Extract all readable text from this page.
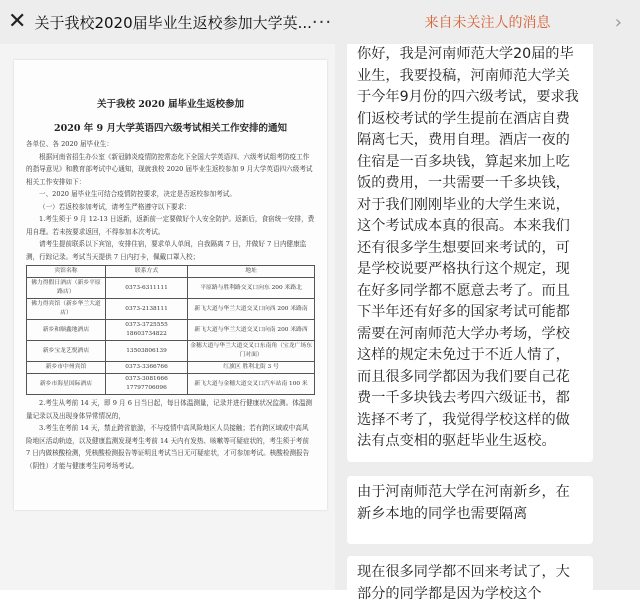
✕ 关于我校2020届毕业生返校参加大学英... ···
关于我校 2020 届毕业生返校参加
2020 年 9 月大学英语四六级考试相关工作安排的通知
各单位、各 2020 届毕业生：
根据河南省招生办公室《新冠肺炎疫情防控常态化下全国大学英语四、六级考试组考防疫工作的指导意见》和教育部考试中心通知，现就我校 2020 届毕业生返校参加 9 月大学英语四六级考试相关工作安排如下：
一、2020 届毕业生可结合疫情防控要求，决定是否返校参加考试。
（一）若返校参加考试，请考生严格遵守以下要求：
1.考生须于 9 月 12-13 日返新，返新前一定要做好个人安全防护。返新后，食宿统一安排，费用自理。若未按要求返回，不得参加本次考试。
请考生提前联系以下宾馆，安排住宿，要求单人单间，自我隔离 7 日，并做好 7 日内健康监测，行踪记录。考试当天提供 7 日内打卡，佩戴口罩入校；
宾馆名称	联系方式	地址
佛力得假日酒店（新乡平原路店）	0373-6311111	平原路与胜利路交叉口向东 200 米路北
佛力得宾馆（新乡华兰大道店）	0373-2138111	新飞大道与华兰大道交叉口向西 200 米路南
新乡和顺鑫地酒店	0373-3725555 18603734822	新飞大道与华兰大道交叉口向南 200 米路西
新乡宝龙艺悦酒店	13503806139	金穗大道与华兰大道交叉口东南角（宝龙广场东门对面）
新乡市中州宾馆	0373-3366766	红旗区 胜利北街 3 号
新乡市海星国际酒店	0373-3081666 17797706096	新飞大道与金穗大道交叉口汽车站南 100 米
2.考生从考前 14 天，即 9 月 6 日当日起，每日体温测量，记录并进行健康状况监测。体温测量记录以及出现身体异常情况的，
3.考生在考前 14 天，禁止跨省旅游，不与疫情中高风险地区人员接触；若有跨区域或中高风险地区活动轨迹，以及健康监测发现考生考前 14 天内有发热、咳嗽等可疑症状的，考生须于考前 7 日内做核酸检测，凭核酸检测报告等证明且考试当日无可疑症状，才可参加考试。核酸检测报告（阴性）才能与健康考生同考场考试。
来自未关注人的消息	›
你好，我是河南师范大学20届的毕业生，我要投稿，河南师范大学关于今年9月份的四六级考试，要求我们返校考试的学生提前在酒店自费隔离七天，费用自理。酒店一夜的住宿是一百多块钱，算起来加上吃饭的费用，一共需要一千多块钱，对于我们刚刚毕业的大学生来说，这个考试成本真的很高。本来我们还有很多学生想要回来考试的，可是学校说要严格执行这个规定，现在好多同学都不愿意去考了。而且下半年还有好多的国家考试可能都需要在河南师范大学办考场，学校这样的规定未免过于不近人情了，而且很多同学都因为我们要自己花费一千多块钱去考四六级证书，都选择不考了，我觉得学校这样的做法有点变相的驱赶毕业生返校。
由于河南师范大学在河南新乡，在新乡本地的同学也需要隔离
现在很多同学都不回来考试了，大部分的同学都是因为学校这个
